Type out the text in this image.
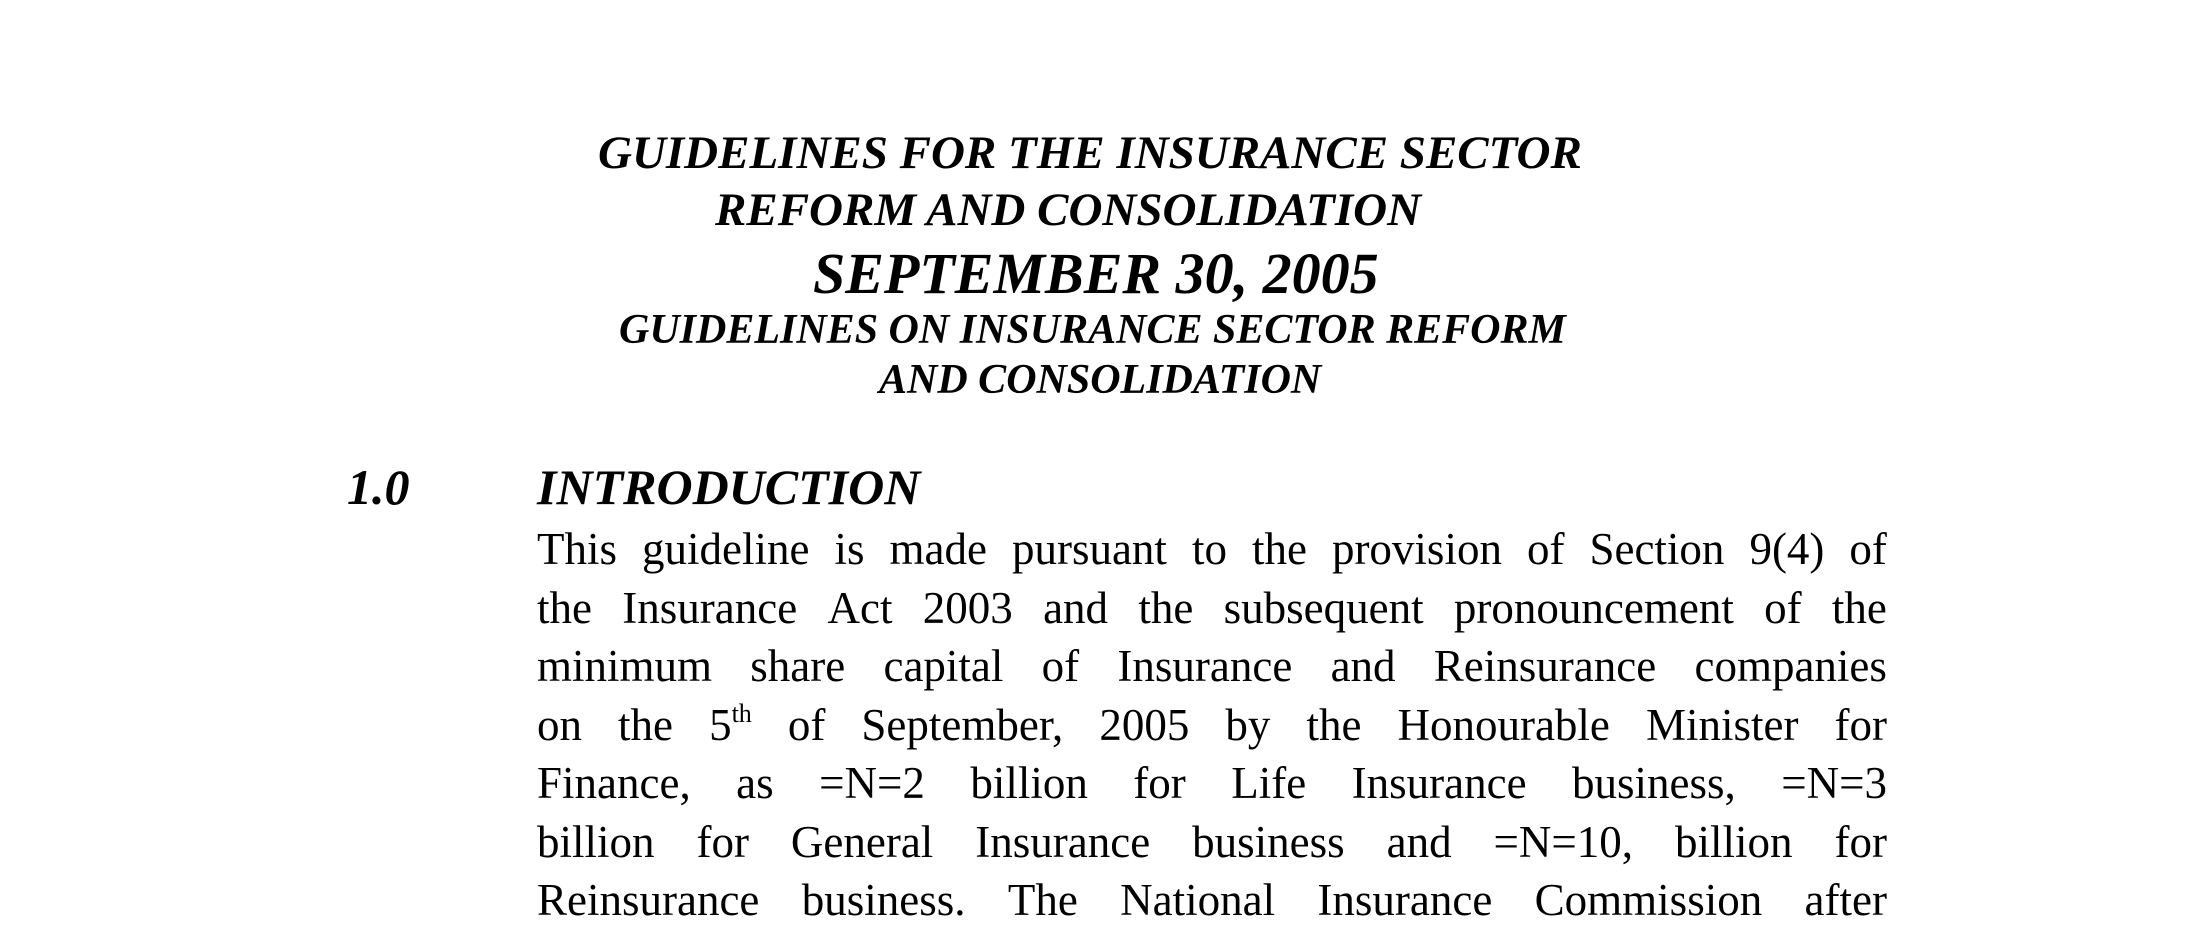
GUIDELINES FOR THE INSURANCE SECTOR
REFORM AND CONSOLIDATION
SEPTEMBER 30, 2005
GUIDELINES ON INSURANCE SECTOR REFORM
AND CONSOLIDATION
1.0	INTRODUCTION
This guideline is made pursuant to the provision of Section 9(4) of
the Insurance Act 2003 and the subsequent pronouncement of the
minimum share capital of Insurance and Reinsurance companies
on the 5th of September, 2005 by the Honourable Minister for
Finance, as =N=2 billion for Life Insurance business, =N=3
billion for General Insurance business and =N=10, billion for
Reinsurance business. The National Insurance Commission after
